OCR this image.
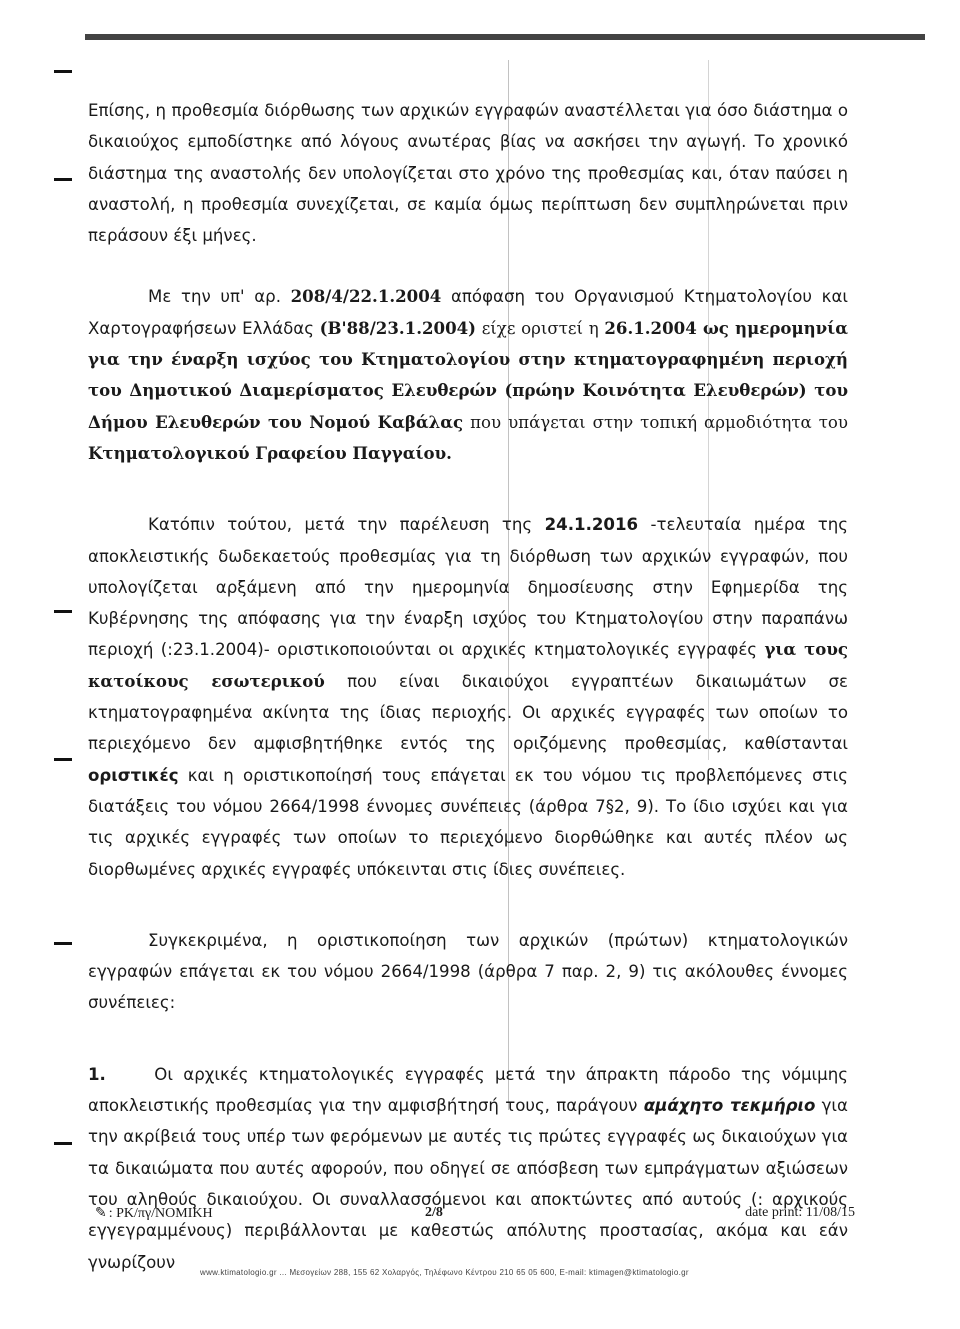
Επίσης, η προθεσμία διόρθωσης των αρχικών εγγραφών αναστέλλεται για όσο διάστημα ο δικαιούχος εμποδίστηκε από λόγους ανωτέρας βίας να ασκήσει την αγωγή. Το χρονικό διάστημα της αναστολής δεν υπολογίζεται στο χρόνο της προθεσμίας και, όταν παύσει η αναστολή, η προθεσμία συνεχίζεται, σε καμία όμως περίπτωση δεν συμπληρώνεται πριν περάσουν έξι μήνες.

Με την υπ' αρ. 208/4/22.1.2004 απόφαση του Οργανισμού Κτηματολογίου και Χαρτογραφήσεων Ελλάδας (Β'88/23.1.2004) είχε οριστεί η 26.1.2004 ως ημερομηνία για την έναρξη ισχύος του Κτηματολογίου στην κτηματογραφημένη περιοχή του Δημοτικού Διαμερίσματος Ελευθερών (πρώην Κοινότητα Ελευθερών) του Δήμου Ελευθερών του Νομού Καβάλας που υπάγεται στην τοπική αρμοδιότητα του Κτηματολογικού Γραφείου Παγγαίου.

Κατόπιν τούτου, μετά την παρέλευση της 24.1.2016 -τελευταία ημέρα της αποκλειστικής δωδεκαετούς προθεσμίας για τη διόρθωση των αρχικών εγγραφών, που υπολογίζεται αρξάμενη από την ημερομηνία δημοσίευσης στην Εφημερίδα της Κυβέρνησης της απόφασης για την έναρξη ισχύος του Κτηματολογίου στην παραπάνω περιοχή (:23.1.2004)- οριστικοποιούνται οι αρχικές κτηματολογικές εγγραφές για τους κατοίκους εσωτερικού που είναι δικαιούχοι εγγραπτέων δικαιωμάτων σε κτηματογραφημένα ακίνητα της ίδιας περιοχής. Οι αρχικές εγγραφές των οποίων το περιεχόμενο δεν αμφισβητήθηκε εντός της οριζόμενης προθεσμίας, καθίστανται οριστικές και η οριστικοποίησή τους επάγεται εκ του νόμου τις προβλεπόμενες στις διατάξεις του νόμου 2664/1998 έννομες συνέπειες (άρθρα 7§2, 9). Το ίδιο ισχύει και για τις αρχικές εγγραφές των οποίων το περιεχόμενο διορθώθηκε και αυτές πλέον ως διορθωμένες αρχικές εγγραφές υπόκεινται στις ίδιες συνέπειες.

Συγκεκριμένα, η οριστικοποίηση των αρχικών (πρώτων) κτηματολογικών εγγραφών επάγεται εκ του νόμου 2664/1998 (άρθρα 7 παρ. 2, 9) τις ακόλουθες έννομες συνέπειες:

1. Οι αρχικές κτηματολογικές εγγραφές μετά την άπρακτη πάροδο της νόμιμης αποκλειστικής προθεσμίας για την αμφισβήτησή τους, παράγουν αμάχητο τεκμήριο για την ακρίβειά τους υπέρ των φερόμενων με αυτές τις πρώτες εγγραφές ως δικαιούχων για τα δικαιώματα που αυτές αφορούν, που οδηγεί σε απόσβεση των εμπράγματων αξιώσεων του αληθούς δικαιούχου. Οι συναλλασσόμενοι και αποκτώντες από αυτούς (: αρχικούς εγγεγραμμένους) περιβάλλονται με καθεστώς απόλυτης προστασίας, ακόμα και εάν γνωρίζουν

✎ : ΡΚ/πγ/ΝΟΜΙΚΗ	2/8	date print: 11/08/15
www.ktimatologio.gr ... Μεσογείων 288, 155 62 Χολαργός, Τηλέφωνο Κέντρου 210 65 05 600, E-mail: ktimagen@ktimatologio.gr
